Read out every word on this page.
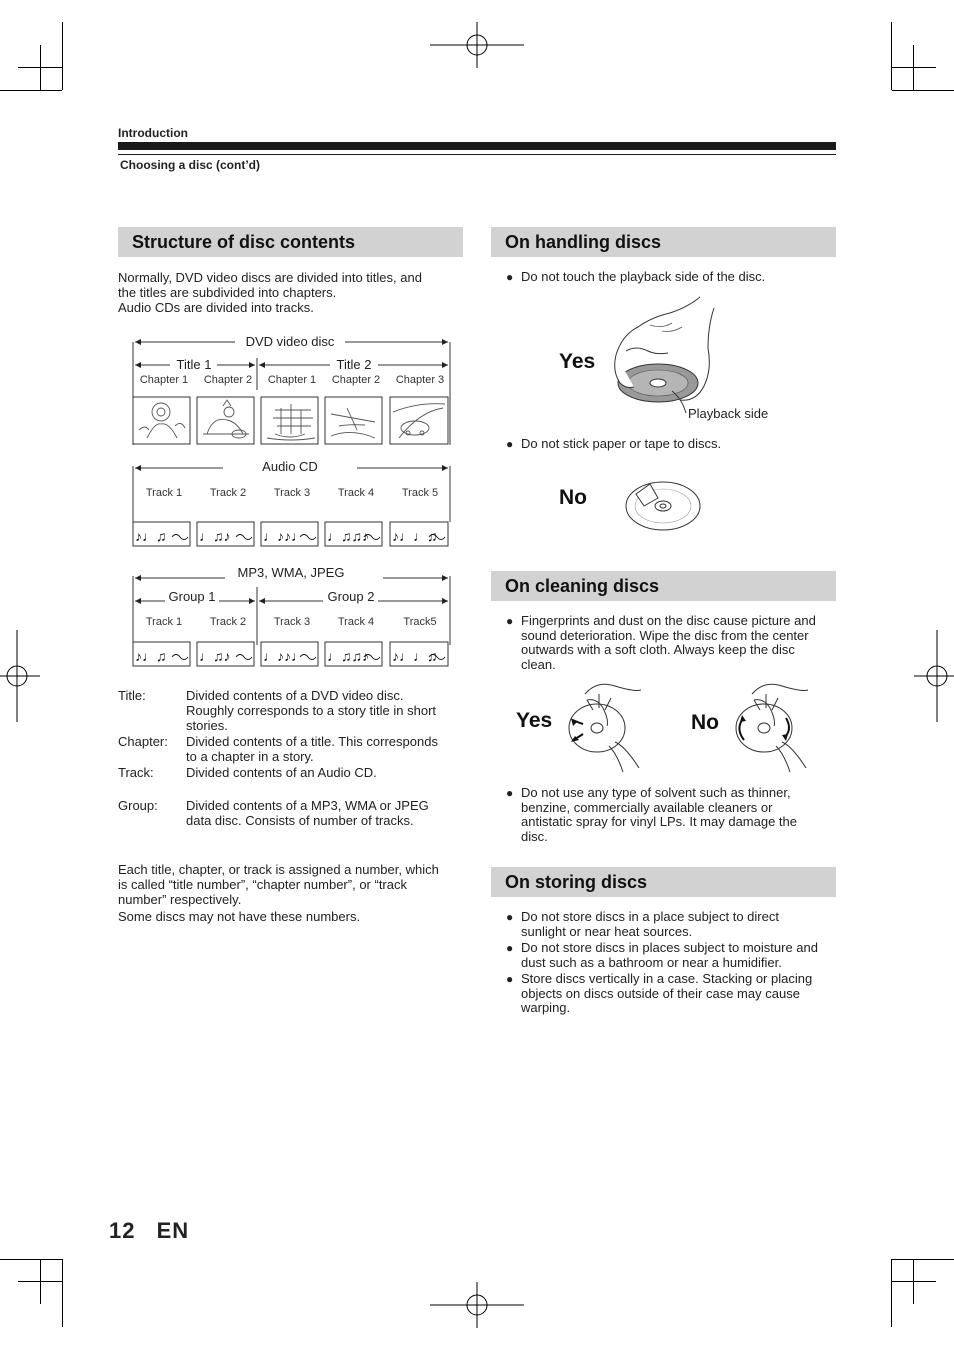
Introduction
Choosing a disc (cont’d)
Structure of disc contents
Normally, DVD video discs are divided into titles, and
the titles are subdivided into chapters.
Audio CDs are divided into tracks.
DVD video disc
Title 1	Title 2
Chapter 1 Chapter 2 Chapter 1 Chapter 2 Chapter 3
Audio CD
Track 1	Track 2	Track 3	Track 4	Track 5
♪♩♫ ♩♫♪ ♩♪♪♩ ♩♫♫♪ ♪♩♩♫
MP3, WMA, JPEG
Group 1	Group 2
Track 1	Track 2	Track 3	Track 4	Track5
♪♩♫ ♩♫♪ ♩♪♪♩ ♩♫♫♪ ♪♩♩♫
Title:	Divided contents of a DVD video disc.
Roughly corresponds to a story title in short
stories.
Chapter: Divided contents of a title. This corresponds
to a chapter in a story.
Track: Divided contents of an Audio CD.
Group: Divided contents of a MP3, WMA or JPEG
data disc. Consists of number of tracks.
Each title, chapter, or track is assigned a number, which
is called “title number”, “chapter number”, or “track
number” respectively.
Some discs may not have these numbers.
On handling discs
● Do not touch the playback side of the disc.
Yes
Playback side
● Do not stick paper or tape to discs.
No
On cleaning discs
● Fingerprints and dust on the disc cause picture and
sound deterioration. Wipe the disc from the center
outwards with a soft cloth. Always keep the disc
clean.
Yes	No
● Do not use any type of solvent such as thinner,
benzine, commercially available cleaners or
antistatic spray for vinyl LPs. It may damage the
disc.
On storing discs
● Do not store discs in a place subject to direct
sunlight or near heat sources.
● Do not store discs in places subject to moisture and
dust such as a bathroom or near a humidifier.
● Store discs vertically in a case. Stacking or placing
objects on discs outside of their case may cause
warping.
12 EN
